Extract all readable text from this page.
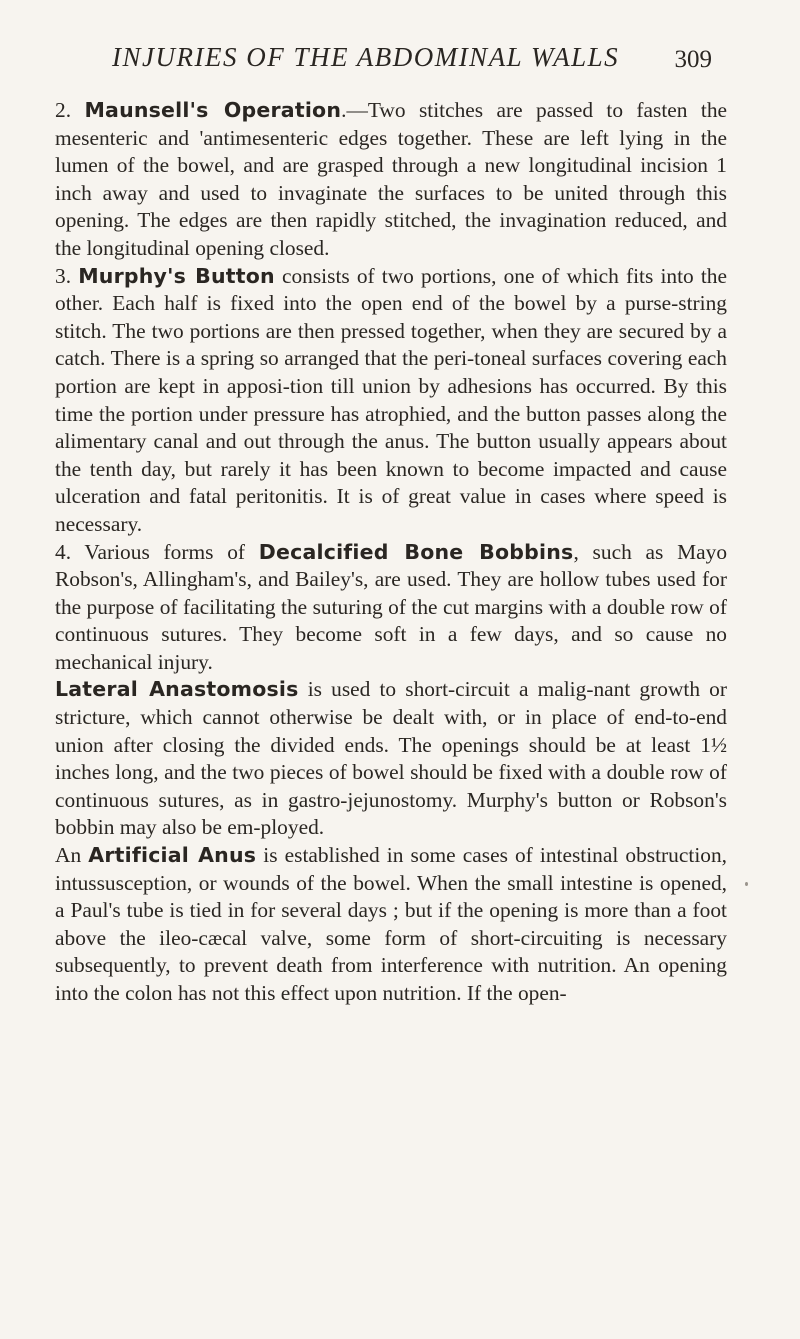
INJURIES OF THE ABDOMINAL WALLS 309

2. Maunsell's Operation.—Two stitches are passed to fasten the mesenteric and 'antimesenteric edges together. These are left lying in the lumen of the bowel, and are grasped through a new longitudinal incision 1 inch away and used to invaginate the surfaces to be united through this opening. The edges are then rapidly stitched, the invagination reduced, and the longitudinal opening closed.

3. Murphy's Button consists of two portions, one of which fits into the other. Each half is fixed into the open end of the bowel by a purse-string stitch. The two portions are then pressed together, when they are secured by a catch. There is a spring so arranged that the peri-toneal surfaces covering each portion are kept in apposi-tion till union by adhesions has occurred. By this time the portion under pressure has atrophied, and the button passes along the alimentary canal and out through the anus. The button usually appears about the tenth day, but rarely it has been known to become impacted and cause ulceration and fatal peritonitis. It is of great value in cases where speed is necessary.

4. Various forms of Decalcified Bone Bobbins, such as Mayo Robson's, Allingham's, and Bailey's, are used. They are hollow tubes used for the purpose of facilitating the suturing of the cut margins with a double row of continuous sutures. They become soft in a few days, and so cause no mechanical injury.

Lateral Anastomosis is used to short-circuit a malig-nant growth or stricture, which cannot otherwise be dealt with, or in place of end-to-end union after closing the divided ends. The openings should be at least 1½ inches long, and the two pieces of bowel should be fixed with a double row of continuous sutures, as in gastro-jejunostomy. Murphy's button or Robson's bobbin may also be em-ployed.

An Artificial Anus is established in some cases of intestinal obstruction, intussusception, or wounds of the bowel. When the small intestine is opened, a Paul's tube is tied in for several days ; but if the opening is more than a foot above the ileo-cæcal valve, some form of short-circuiting is necessary subsequently, to prevent death from interference with nutrition. An opening into the colon has not this effect upon nutrition. If the open-
